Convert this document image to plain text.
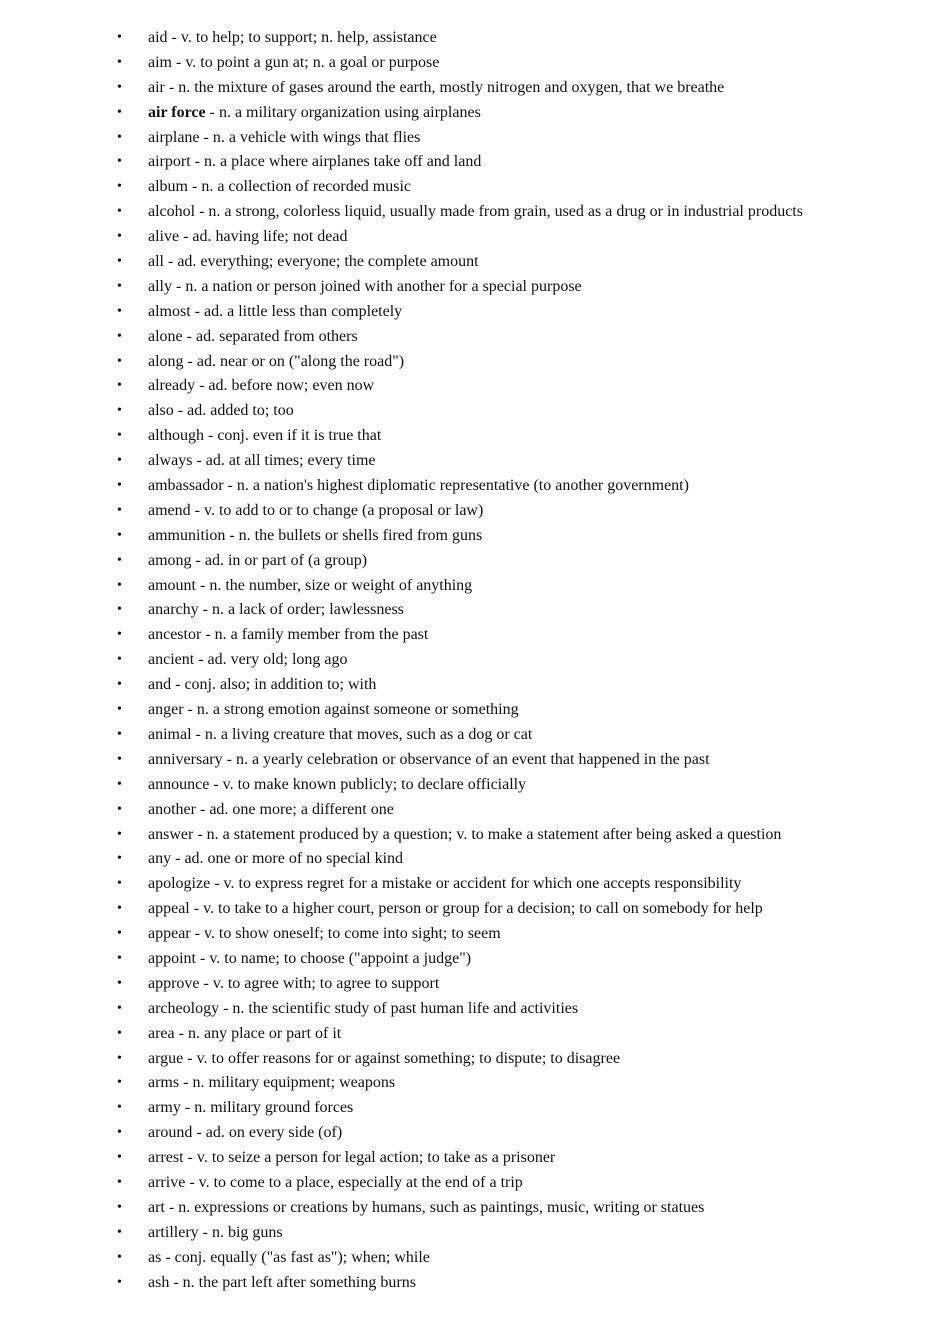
• aid - v. to help; to support; n. help, assistance
• aim - v. to point a gun at; n. a goal or purpose
• air - n. the mixture of gases around the earth, mostly nitrogen and oxygen, that we breathe
• air force - n. a military organization using airplanes
• airplane - n. a vehicle with wings that flies
• airport - n. a place where airplanes take off and land
• album - n. a collection of recorded music
• alcohol - n. a strong, colorless liquid, usually made from grain, used as a drug or in industrial products
• alive - ad. having life; not dead
• all - ad. everything; everyone; the complete amount
• ally - n. a nation or person joined with another for a special purpose
• almost - ad. a little less than completely
• alone - ad. separated from others
• along - ad. near or on ("along the road")
• already - ad. before now; even now
• also - ad. added to; too
• although - conj. even if it is true that
• always - ad. at all times; every time
• ambassador - n. a nation's highest diplomatic representative (to another government)
• amend - v. to add to or to change (a proposal or law)
• ammunition - n. the bullets or shells fired from guns
• among - ad. in or part of (a group)
• amount - n. the number, size or weight of anything
• anarchy - n. a lack of order; lawlessness
• ancestor - n. a family member from the past
• ancient - ad. very old; long ago
• and - conj. also; in addition to; with
• anger - n. a strong emotion against someone or something
• animal - n. a living creature that moves, such as a dog or cat
• anniversary - n. a yearly celebration or observance of an event that happened in the past
• announce - v. to make known publicly; to declare officially
• another - ad. one more; a different one
• answer - n. a statement produced by a question; v. to make a statement after being asked a question
• any - ad. one or more of no special kind
• apologize - v. to express regret for a mistake or accident for which one accepts responsibility
• appeal - v. to take to a higher court, person or group for a decision; to call on somebody for help
• appear - v. to show oneself; to come into sight; to seem
• appoint - v. to name; to choose ("appoint a judge")
• approve - v. to agree with; to agree to support
• archeology - n. the scientific study of past human life and activities
• area - n. any place or part of it
• argue - v. to offer reasons for or against something; to dispute; to disagree
• arms - n. military equipment; weapons
• army - n. military ground forces
• around - ad. on every side (of)
• arrest - v. to seize a person for legal action; to take as a prisoner
• arrive - v. to come to a place, especially at the end of a trip
• art - n. expressions or creations by humans, such as paintings, music, writing or statues
• artillery - n. big guns
• as - conj. equally ("as fast as"); when; while
• ash - n. the part left after something burns
